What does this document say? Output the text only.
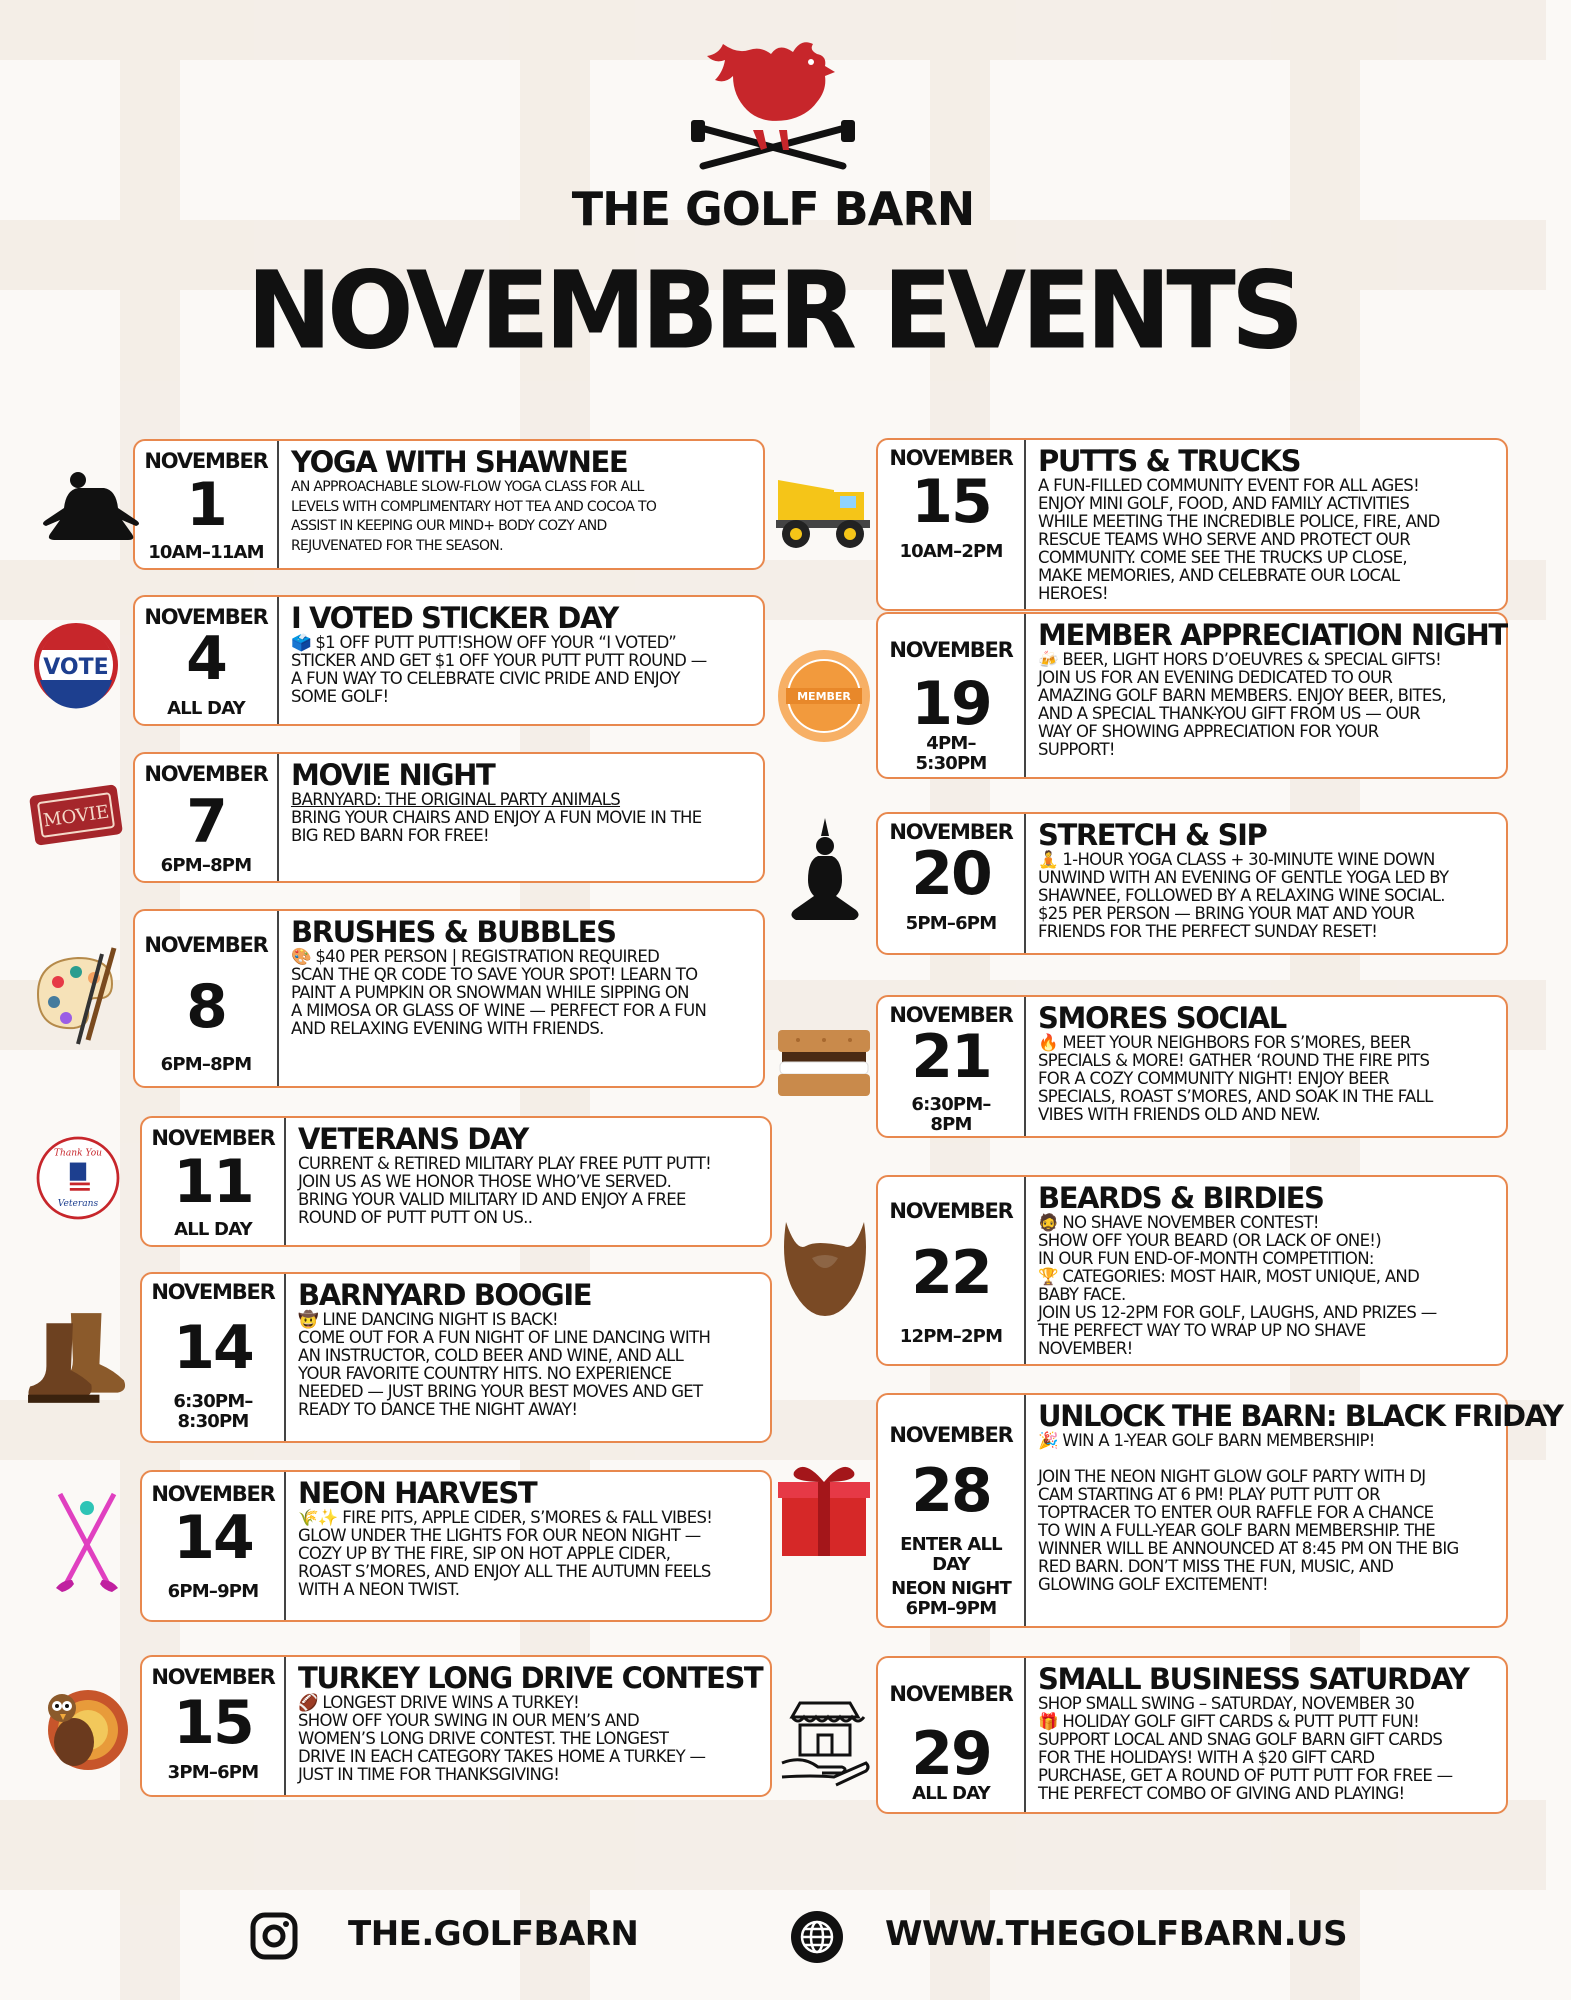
THE GOLF BARN
NOVEMBER EVENTS
NOVEMBER
1
10AM–11AM
YOGA WITH SHAWNEE
AN APPROACHABLE SLOW-FLOW YOGA CLASS FOR ALL
LEVELS WITH COMPLIMENTARY HOT TEA AND COCOA TO
ASSIST IN KEEPING OUR MIND+ BODY COZY AND
REJUVENATED FOR THE SEASON.
NOVEMBER
4
ALL DAY
I VOTED STICKER DAY
🗳️ $1 OFF PUTT PUTT!SHOW OFF YOUR “I VOTED”
STICKER AND GET $1 OFF YOUR PUTT PUTT ROUND —
A FUN WAY TO CELEBRATE CIVIC PRIDE AND ENJOY
SOME GOLF!
VOTE
NOVEMBER
7
6PM–8PM
MOVIE NIGHT
BARNYARD: THE ORIGINAL PARTY ANIMALS
BRING YOUR CHAIRS AND ENJOY A FUN MOVIE IN THE
BIG RED BARN FOR FREE!
MOVIE
NOVEMBER
8
6PM–8PM
BRUSHES & BUBBLES
🎨 $40 PER PERSON | REGISTRATION REQUIRED
SCAN THE QR CODE TO SAVE YOUR SPOT! LEARN TO
PAINT A PUMPKIN OR SNOWMAN WHILE SIPPING ON
A MIMOSA OR GLASS OF WINE — PERFECT FOR A FUN
AND RELAXING EVENING WITH FRIENDS.
NOVEMBER
11
ALL DAY
VETERANS DAY
CURRENT & RETIRED MILITARY PLAY FREE PUTT PUTT!
JOIN US AS WE HONOR THOSE WHO’VE SERVED.
BRING YOUR VALID MILITARY ID AND ENJOY A FREE
ROUND OF PUTT PUTT ON US..
Thank You
Veterans
NOVEMBER
14
6:30PM–
8:30PM
BARNYARD BOOGIE
🤠 LINE DANCING NIGHT IS BACK!
COME OUT FOR A FUN NIGHT OF LINE DANCING WITH
AN INSTRUCTOR, COLD BEER AND WINE, AND ALL
YOUR FAVORITE COUNTRY HITS. NO EXPERIENCE
NEEDED — JUST BRING YOUR BEST MOVES AND GET
READY TO DANCE THE NIGHT AWAY!
NOVEMBER
14
6PM–9PM
NEON HARVEST
🌾✨ FIRE PITS, APPLE CIDER, S’MORES & FALL VIBES!
GLOW UNDER THE LIGHTS FOR OUR NEON NIGHT —
COZY UP BY THE FIRE, SIP ON HOT APPLE CIDER,
ROAST S’MORES, AND ENJOY ALL THE AUTUMN FEELS
WITH A NEON TWIST.
NOVEMBER
15
3PM–6PM
TURKEY LONG DRIVE CONTEST
🏈 LONGEST DRIVE WINS A TURKEY!
SHOW OFF YOUR SWING IN OUR MEN’S AND
WOMEN’S LONG DRIVE CONTEST. THE LONGEST
DRIVE IN EACH CATEGORY TAKES HOME A TURKEY —
JUST IN TIME FOR THANKSGIVING!
NOVEMBER
15
10AM–2PM
PUTTS & TRUCKS
A FUN-FILLED COMMUNITY EVENT FOR ALL AGES!
ENJOY MINI GOLF, FOOD, AND FAMILY ACTIVITIES
WHILE MEETING THE INCREDIBLE POLICE, FIRE, AND
RESCUE TEAMS WHO SERVE AND PROTECT OUR
COMMUNITY. COME SEE THE TRUCKS UP CLOSE,
MAKE MEMORIES, AND CELEBRATE OUR LOCAL
HEROES!
NOVEMBER
19
4PM–
5:30PM
MEMBER APPRECIATION NIGHT
🍻 BEER, LIGHT HORS D’OEUVRES & SPECIAL GIFTS!
JOIN US FOR AN EVENING DEDICATED TO OUR
AMAZING GOLF BARN MEMBERS. ENJOY BEER, BITES,
AND A SPECIAL THANK-YOU GIFT FROM US — OUR
WAY OF SHOWING APPRECIATION FOR YOUR
SUPPORT!
MEMBER
NOVEMBER
20
5PM–6PM
STRETCH & SIP
🧘 1-HOUR YOGA CLASS + 30-MINUTE WINE DOWN
UNWIND WITH AN EVENING OF GENTLE YOGA LED BY
SHAWNEE, FOLLOWED BY A RELAXING WINE SOCIAL.
$25 PER PERSON — BRING YOUR MAT AND YOUR
FRIENDS FOR THE PERFECT SUNDAY RESET!
NOVEMBER
21
6:30PM–
8PM
SMORES SOCIAL
🔥 MEET YOUR NEIGHBORS FOR S’MORES, BEER
SPECIALS & MORE! GATHER ‘ROUND THE FIRE PITS
FOR A COZY COMMUNITY NIGHT! ENJOY BEER
SPECIALS, ROAST S’MORES, AND SOAK IN THE FALL
VIBES WITH FRIENDS OLD AND NEW.
NOVEMBER
22
12PM–2PM
BEARDS & BIRDIES
🧔 NO SHAVE NOVEMBER CONTEST!
SHOW OFF YOUR BEARD (OR LACK OF ONE!)
IN OUR FUN END-OF-MONTH COMPETITION:
🏆 CATEGORIES: MOST HAIR, MOST UNIQUE, AND
BABY FACE.
JOIN US 12-2PM FOR GOLF, LAUGHS, AND PRIZES —
THE PERFECT WAY TO WRAP UP NO SHAVE
NOVEMBER!
NOVEMBER
28
ENTER ALL
DAY
NEON NIGHT
6PM–9PM
UNLOCK THE BARN: BLACK FRIDAY
🎉 WIN A 1-YEAR GOLF BARN MEMBERSHIP!
JOIN THE NEON NIGHT GLOW GOLF PARTY WITH DJ
CAM STARTING AT 6 PM! PLAY PUTT PUTT OR
TOPTRACER TO ENTER OUR RAFFLE FOR A CHANCE
TO WIN A FULL-YEAR GOLF BARN MEMBERSHIP. THE
WINNER WILL BE ANNOUNCED AT 8:45 PM ON THE BIG
RED BARN. DON’T MISS THE FUN, MUSIC, AND
GLOWING GOLF EXCITEMENT!
NOVEMBER
29
ALL DAY
SMALL BUSINESS SATURDAY
SHOP SMALL SWING – SATURDAY, NOVEMBER 30
🎁 HOLIDAY GOLF GIFT CARDS & PUTT PUTT FUN!
SUPPORT LOCAL AND SNAG GOLF BARN GIFT CARDS
FOR THE HOLIDAYS! WITH A $20 GIFT CARD
PURCHASE, GET A ROUND OF PUTT PUTT FOR FREE —
THE PERFECT COMBO OF GIVING AND PLAYING!
THE.GOLFBARN	WWW.THEGOLFBARN.US
